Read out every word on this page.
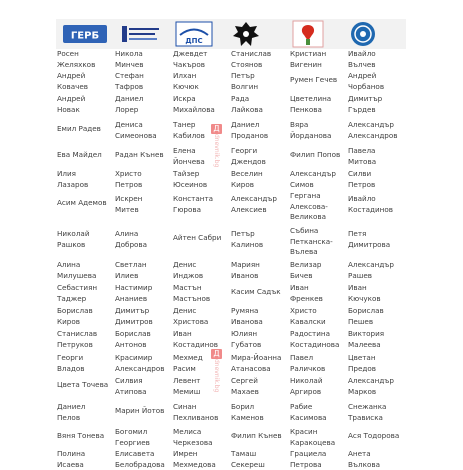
ГЕРБ	ДПС
Д
dnevnik.bg
Д
dnevnik.bg
Росен
Желяхков
Никола
Минчев
Джевдет
Чакъров
Станислав
Стоянов
Кристиан
Вигенин
Ивайло
Вълчев
Андрей
Ковачев
Стефан
Тафров
Илхан
Кючюк
Петър
Волгин
Румен Гечев Андрей
Чорбанов
Андрей
Новак
Даниел
Лорер
Искра
Михайлова
Рада
Лайкова
Цветелина
Пенкова
Димитър
Гърдев
Емил Радев Дениса
Симеонова
Танер
Кабилов
Даниел
Проданов
Вяра
Йорданова
Александър
Александров
Ева Майдел Радан Кънев Елена
Йончева
Георги
Джендов
Филип Попов Павела
Митова
Илия
Лазаров
Христо
Петров
Тайзер
Юсеинов
Веселин
Киров
Александър
Симов
Силви
Петров
Асим Адемов Искрен
Митев
Константа
Гюрова
Александър
Алексиев
Гергана
Алексова-
Великова
Ивайло
Костадинов
Николай
Рашков
Алина
Доброва
Айтен Сабри Петър
Калинов
Събина
Петканска-
Вълева
Петя
Димитрова
Алина
Милушева
Светлан
Илиев
Денис
Инджов
Мариян
Иванов
Велизар
Бичев
Александър
Рашев
Себастиян
Таджер
Настимир
Ананиев
Мастън
Мастънов
Касим Садък Иван
Френкев
Иван
Кючуков
Борислав
Киров
Димитър
Димитров
Денис
Христова
Румяна
Иванова
Христо
Кавалски
Борислав
Пешев
Станислав
Петруков
Борислав
Антонов
Иван
Костадинов
Юлиян
Губатов
Радостина
Костадинова
Виктория
Малеева
Георги
Владов
Красимир
Александров
Мехмед
Расим
Мира-Йоанна
Атанасова
Павел
Раличков
Цветан
Предов
Цвета Точева Силвия
Атипова
Левент
Мемиш
Сергей
Махаев
Николай
Аргиров
Александър
Марков
Даниел
Пелов
Марин Йотов Синан
Пехливанов
Борил
Каменов
Рабие
Касимова
Снежанка
Трависка
Вяня Тонева Богомил
Георгиев
Мелиса
Черкезова
Филип Кънев Красин
Каракоцева
Ася Тодорова
Полина
Исаева
Елисавета
Белобрадова
Имрен
Мехмедова
Тамаш
Секереш
Грациела
Петрова
Анета
Вълкова
